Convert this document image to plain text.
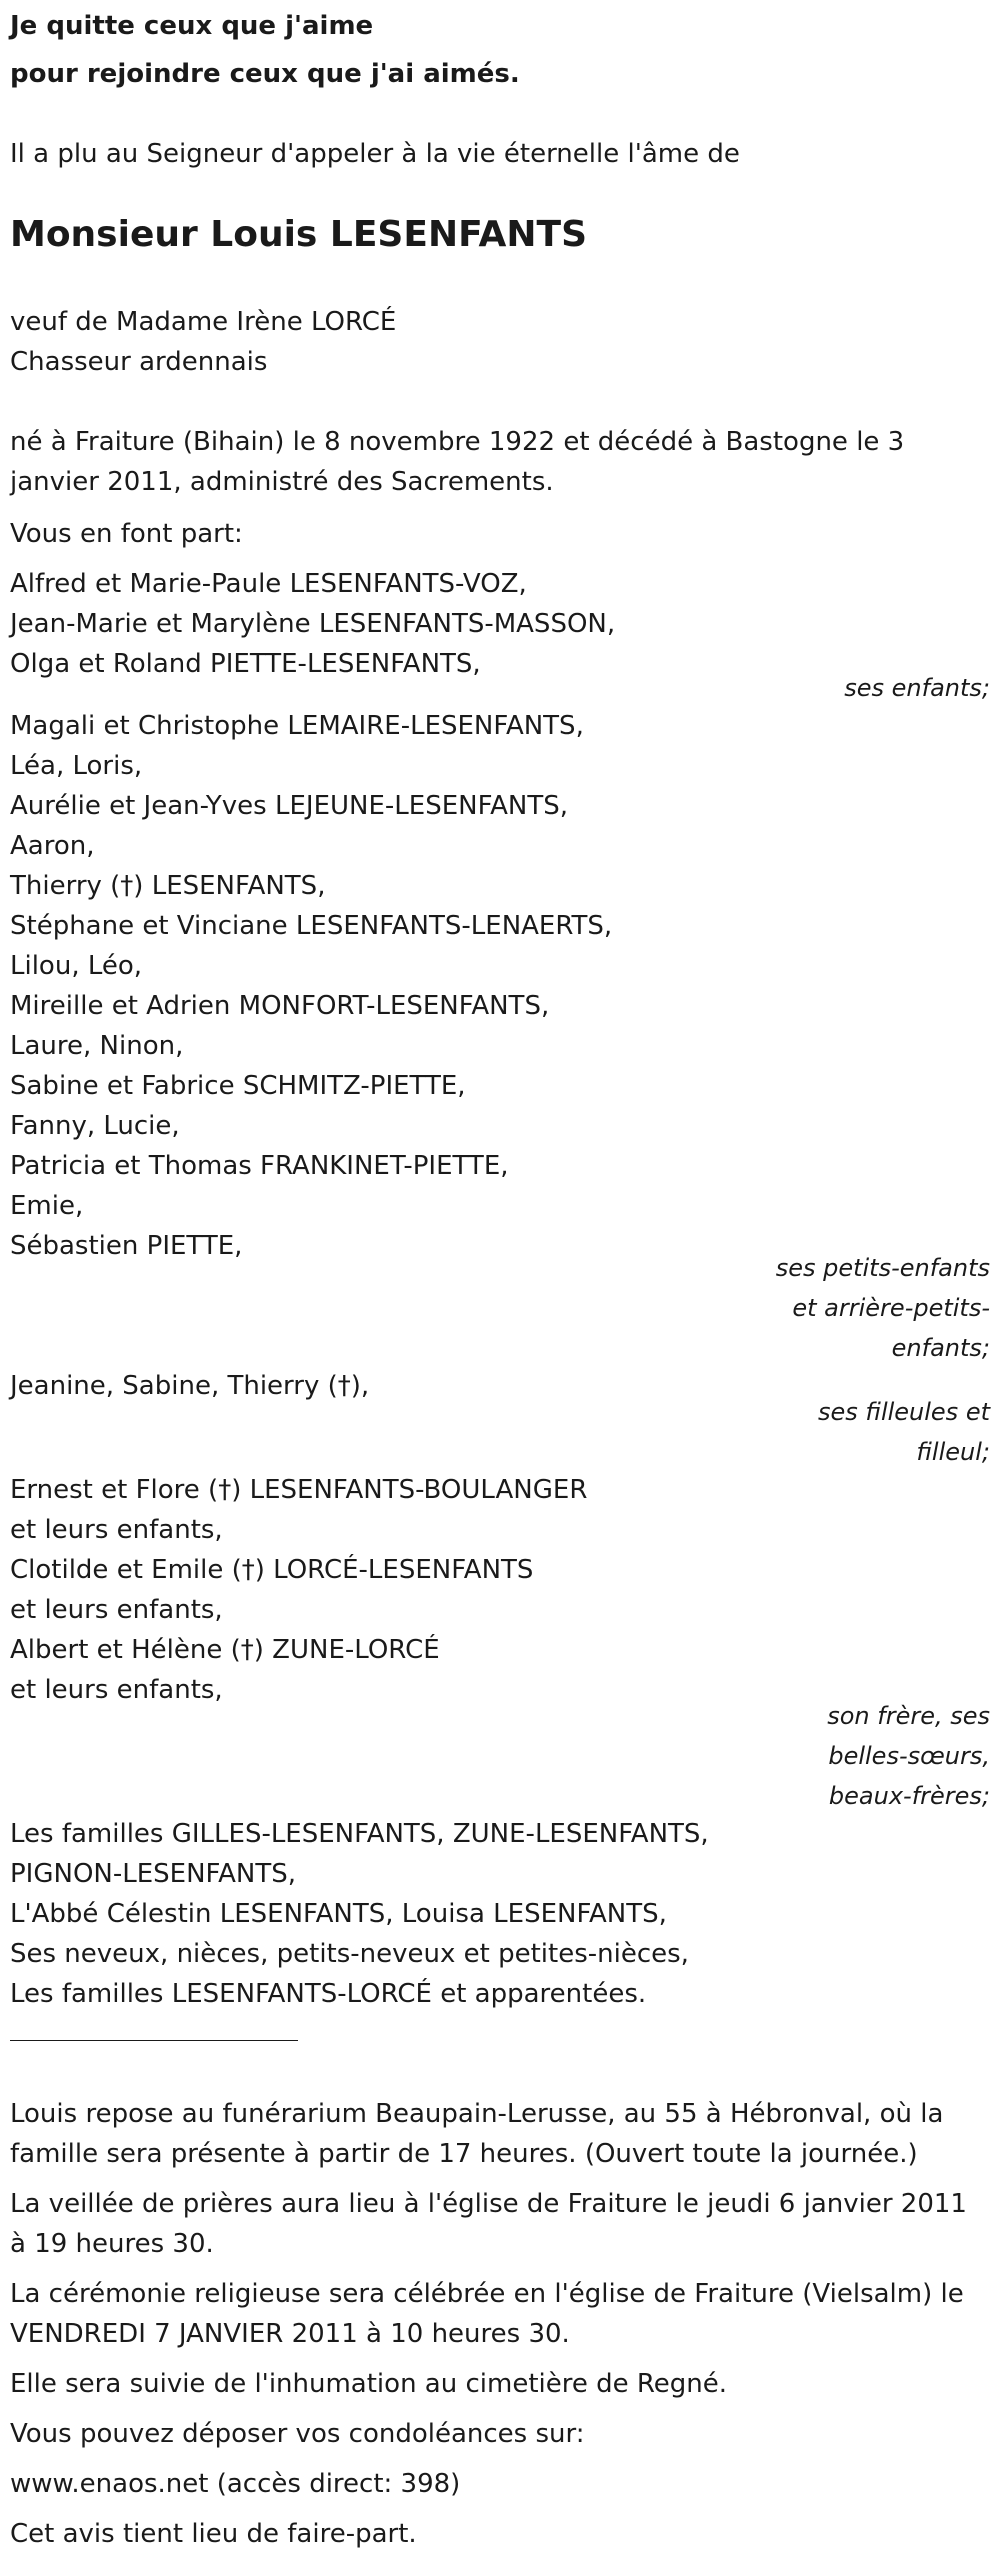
Je quitte ceux que j'aime
pour rejoindre ceux que j'ai aimés.
Il a plu au Seigneur d'appeler à la vie éternelle l'âme de
Monsieur Louis LESENFANTS
veuf de Madame Irène LORCÉ
Chasseur ardennais
né à Fraiture (Bihain) le 8 novembre 1922 et décédé à Bastogne le 3
janvier 2011, administré des Sacrements.
Vous en font part:
Alfred et Marie-Paule LESENFANTS-VOZ,
Jean-Marie et Marylène LESENFANTS-MASSON,
Olga et Roland PIETTE-LESENFANTS,
ses enfants;
Magali et Christophe LEMAIRE-LESENFANTS,
Léa, Loris,
Aurélie et Jean-Yves LEJEUNE-LESENFANTS,
Aaron,
Thierry (†) LESENFANTS,
Stéphane et Vinciane LESENFANTS-LENAERTS,
Lilou, Léo,
Mireille et Adrien MONFORT-LESENFANTS,
Laure, Ninon,
Sabine et Fabrice SCHMITZ-PIETTE,
Fanny, Lucie,
Patricia et Thomas FRANKINET-PIETTE,
Emie,
Sébastien PIETTE,
ses petits-enfants
et arrière-petits-
enfants;
Jeanine, Sabine, Thierry (†),
ses filleules et
filleul;
Ernest et Flore (†) LESENFANTS-BOULANGER
et leurs enfants,
Clotilde et Emile (†) LORCÉ-LESENFANTS
et leurs enfants,
Albert et Hélène (†) ZUNE-LORCÉ
et leurs enfants,
son frère, ses
belles-sœurs,
beaux-frères;
Les familles GILLES-LESENFANTS, ZUNE-LESENFANTS,
PIGNON-LESENFANTS,
L'Abbé Célestin LESENFANTS, Louisa LESENFANTS,
Ses neveux, nièces, petits-neveux et petites-nièces,
Les familles LESENFANTS-LORCÉ et apparentées.
Louis repose au funérarium Beaupain-Lerusse, au 55 à Hébronval, où la
famille sera présente à partir de 17 heures. (Ouvert toute la journée.)
La veillée de prières aura lieu à l'église de Fraiture le jeudi 6 janvier 2011
à 19 heures 30.
La cérémonie religieuse sera célébrée en l'église de Fraiture (Vielsalm) le
VENDREDI 7 JANVIER 2011 à 10 heures 30.
Elle sera suivie de l'inhumation au cimetière de Regné.
Vous pouvez déposer vos condoléances sur:
www.enaos.net (accès direct: 398)
Cet avis tient lieu de faire-part.
